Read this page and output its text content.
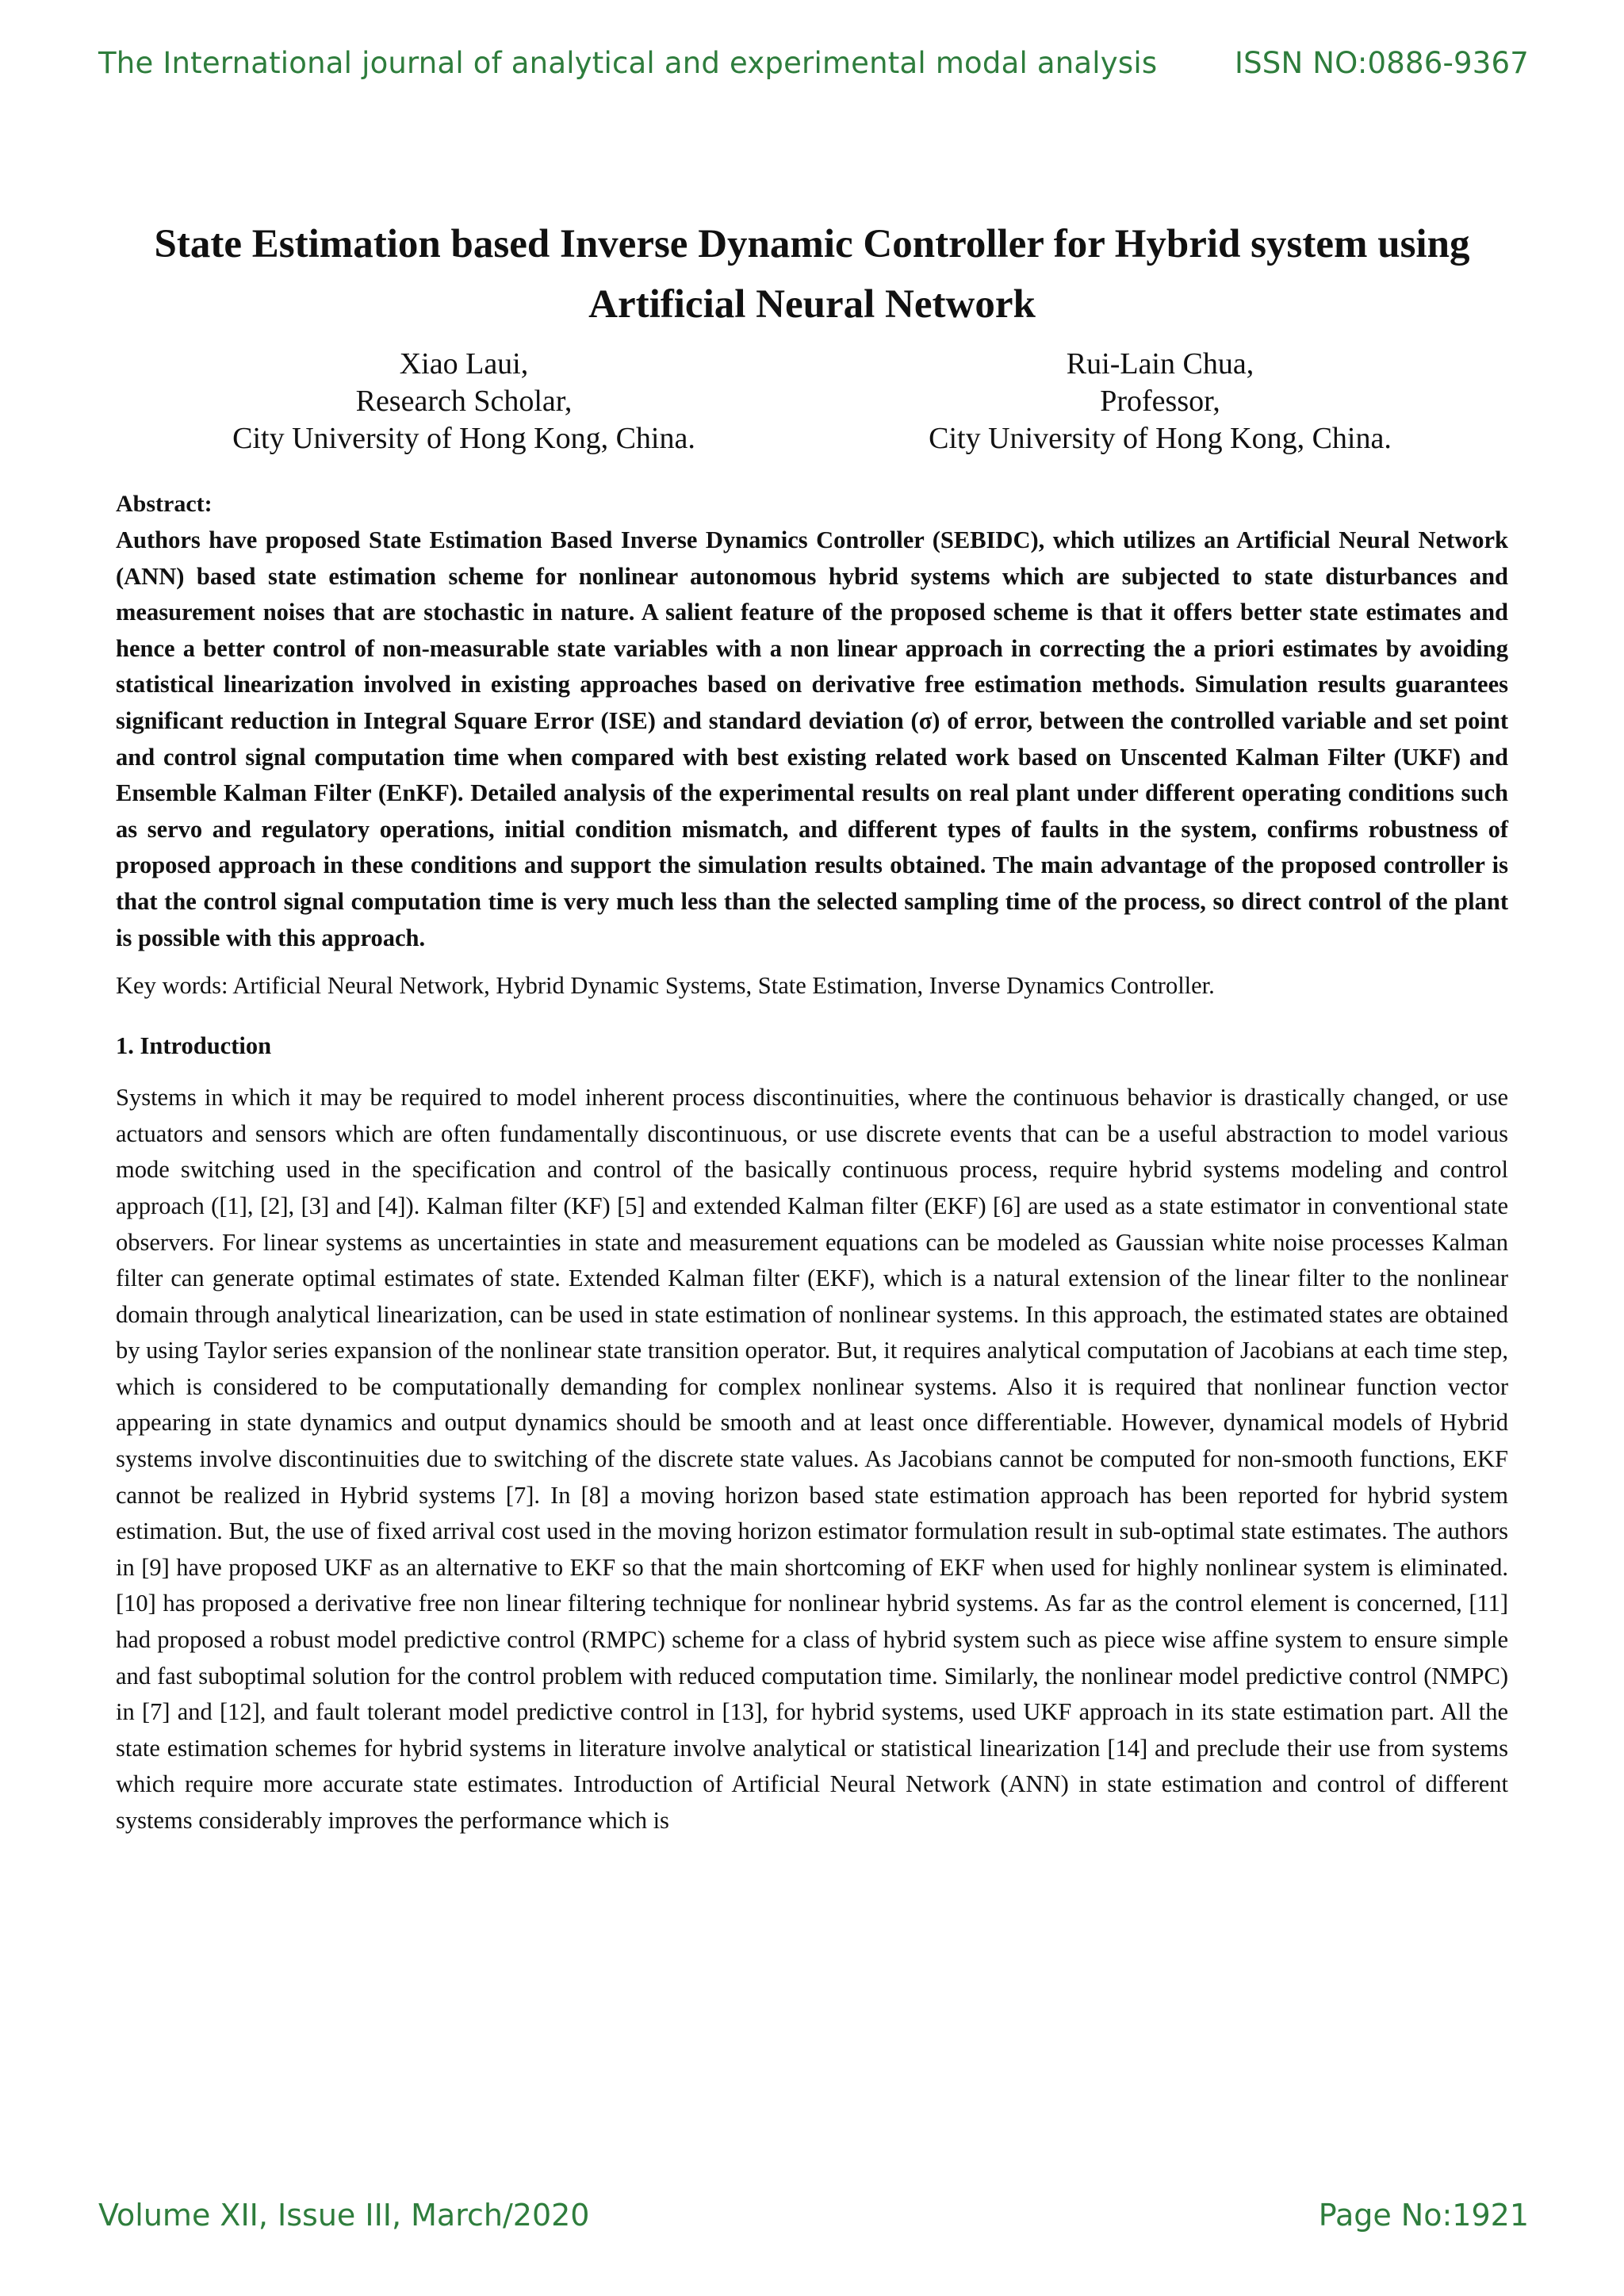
The International journal of analytical and experimental modal analysis	ISSN NO:0886-9367
State Estimation based Inverse Dynamic Controller for Hybrid system using Artificial Neural Network
Xiao Laui,
Research Scholar,
City University of Hong Kong, China.
Rui-Lain Chua,
Professor,
City University of Hong Kong, China.
Abstract:

Authors have proposed State Estimation Based Inverse Dynamics Controller (SEBIDC), which utilizes an Artificial Neural Network (ANN) based state estimation scheme for nonlinear autonomous hybrid systems which are subjected to state disturbances and measurement noises that are stochastic in nature. A salient feature of the proposed scheme is that it offers better state estimates and hence a better control of non-measurable state variables with a non linear approach in correcting the a priori estimates by avoiding statistical linearization involved in existing approaches based on derivative free estimation methods. Simulation results guarantees significant reduction in Integral Square Error (ISE) and standard deviation (σ) of error, between the controlled variable and set point and control signal computation time when compared with best existing related work based on Unscented Kalman Filter (UKF) and Ensemble Kalman Filter (EnKF). Detailed analysis of the experimental results on real plant under different operating conditions such as servo and regulatory operations, initial condition mismatch, and different types of faults in the system, confirms robustness of proposed approach in these conditions and support the simulation results obtained. The main advantage of the proposed controller is that the control signal computation time is very much less than the selected sampling time of the process, so direct control of the plant is possible with this approach.

Key words: Artificial Neural Network, Hybrid Dynamic Systems, State Estimation, Inverse Dynamics Controller.
1. Introduction

Systems in which it may be required to model inherent process discontinuities, where the continuous behavior is drastically changed, or use actuators and sensors which are often fundamentally discontinuous, or use discrete events that can be a useful abstraction to model various mode switching used in the specification and control of the basically continuous process, require hybrid systems modeling and control approach ([1], [2], [3] and [4]). Kalman filter (KF) [5] and extended Kalman filter (EKF) [6] are used as a state estimator in conventional state observers. For linear systems as uncertainties in state and measurement equations can be modeled as Gaussian white noise processes Kalman filter can generate optimal estimates of state. Extended Kalman filter (EKF), which is a natural extension of the linear filter to the nonlinear domain through analytical linearization, can be used in state estimation of nonlinear systems. In this approach, the estimated states are obtained by using Taylor series expansion of the nonlinear state transition operator. But, it requires analytical computation of Jacobians at each time step, which is considered to be computationally demanding for complex nonlinear systems. Also it is required that nonlinear function vector appearing in state dynamics and output dynamics should be smooth and at least once differentiable. However, dynamical models of Hybrid systems involve discontinuities due to switching of the discrete state values. As Jacobians cannot be computed for non-smooth functions, EKF cannot be realized in Hybrid systems [7]. In [8] a moving horizon based state estimation approach has been reported for hybrid system estimation. But, the use of fixed arrival cost used in the moving horizon estimator formulation result in sub-optimal state estimates. The authors in [9] have proposed UKF as an alternative to EKF so that the main shortcoming of EKF when used for highly nonlinear system is eliminated. [10] has proposed a derivative free non linear filtering technique for nonlinear hybrid systems. As far as the control element is concerned, [11] had proposed a robust model predictive control (RMPC) scheme for a class of hybrid system such as piece wise affine system to ensure simple and fast suboptimal solution for the control problem with reduced computation time. Similarly, the nonlinear model predictive control (NMPC) in [7] and [12], and fault tolerant model predictive control in [13], for hybrid systems, used UKF approach in its state estimation part. All the state estimation schemes for hybrid systems in literature involve analytical or statistical linearization [14] and preclude their use from systems which require more accurate state estimates. Introduction of Artificial Neural Network (ANN) in state estimation and control of different systems considerably improves the performance which is

Volume XII, Issue III, March/2020	Page No:1921
